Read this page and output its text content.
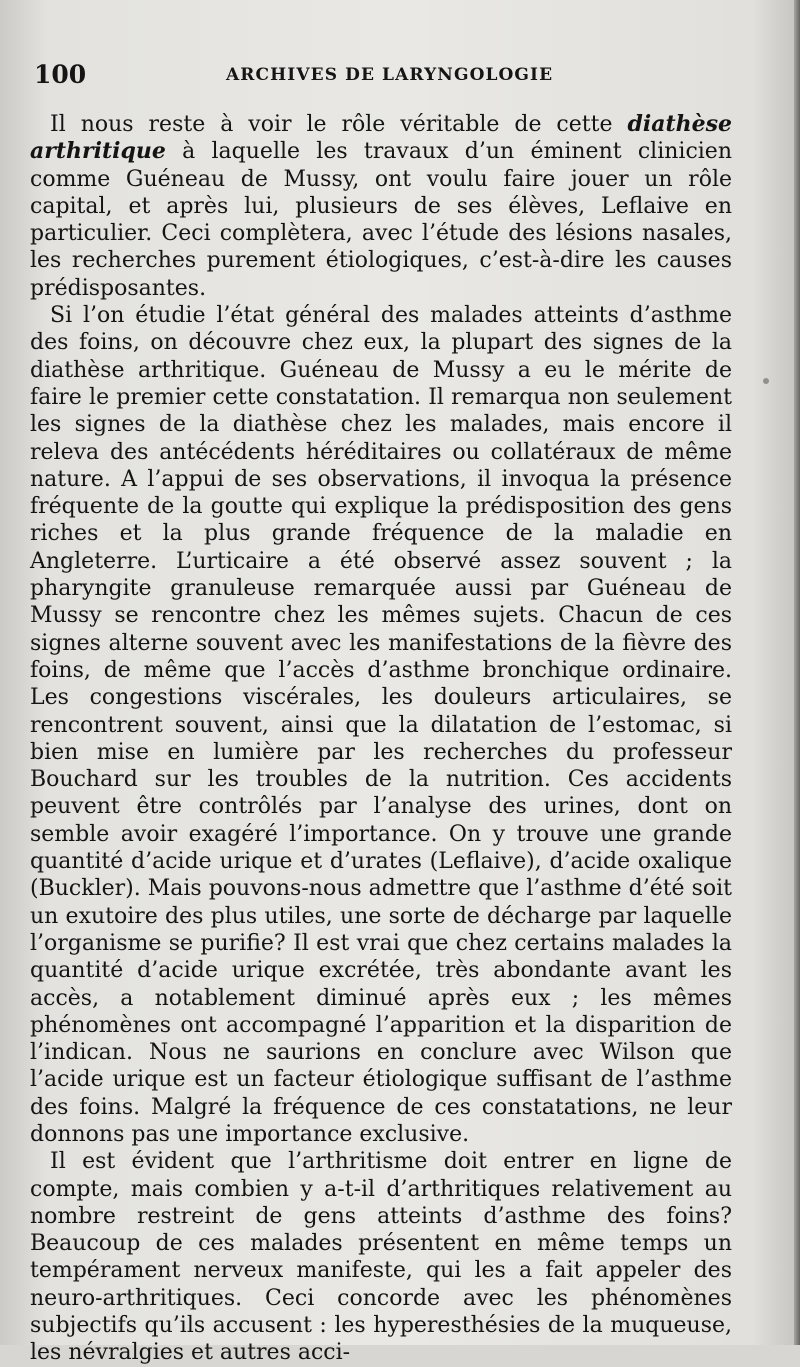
100	ARCHIVES DE LARYNGOLOGIE

Il nous reste à voir le rôle véritable de cette diathèse arthritique à laquelle les travaux d’un éminent clinicien comme Guéneau de Mussy, ont voulu faire jouer un rôle capital, et après lui, plusieurs de ses élèves, Leflaive en particulier. Ceci complètera, avec l’étude des lésions nasales, les recherches purement étiologiques, c’est-à-dire les causes prédisposantes.

Si l’on étudie l’état général des malades atteints d’asthme des foins, on découvre chez eux, la plupart des signes de la diathèse arthritique. Guéneau de Mussy a eu le mérite de faire le premier cette constatation. Il remarqua non seulement les signes de la diathèse chez les malades, mais encore il releva des antécédents héréditaires ou collatéraux de même nature. A l’appui de ses observations, il invoqua la présence fréquente de la goutte qui explique la prédisposition des gens riches et la plus grande fréquence de la maladie en Angleterre. L’urticaire a été observé assez souvent ; la pharyngite granuleuse remarquée aussi par Guéneau de Mussy se rencontre chez les mêmes sujets. Chacun de ces signes alterne souvent avec les manifestations de la fièvre des foins, de même que l’accès d’asthme bronchique ordinaire. Les congestions viscérales, les douleurs articulaires, se rencontrent souvent, ainsi que la dilatation de l’estomac, si bien mise en lumière par les recherches du professeur Bouchard sur les troubles de la nutrition. Ces accidents peuvent être contrôlés par l’analyse des urines, dont on semble avoir exagéré l’importance. On y trouve une grande quantité d’acide urique et d’urates (Leflaive), d’acide oxalique (Buckler). Mais pouvons-nous admettre que l’asthme d’été soit un exutoire des plus utiles, une sorte de décharge par laquelle l’organisme se purifie? Il est vrai que chez certains malades la quantité d’acide urique excrétée, très abondante avant les accès, a notablement diminué après eux ; les mêmes phénomènes ont accompagné l’apparition et la disparition de l’indican. Nous ne saurions en conclure avec Wilson que l’acide urique est un facteur étiologique suffisant de l’asthme des foins. Malgré la fréquence de ces constatations, ne leur donnons pas une importance exclusive.

Il est évident que l’arthritisme doit entrer en ligne de compte, mais combien y a-t-il d’arthritiques relativement au nombre restreint de gens atteints d’asthme des foins? Beaucoup de ces malades présentent en même temps un tempérament nerveux manifeste, qui les a fait appeler des neuro-arthritiques. Ceci concorde avec les phénomènes subjectifs qu’ils accusent : les hyperesthésies de la muqueuse, les névralgies et autres acci-
